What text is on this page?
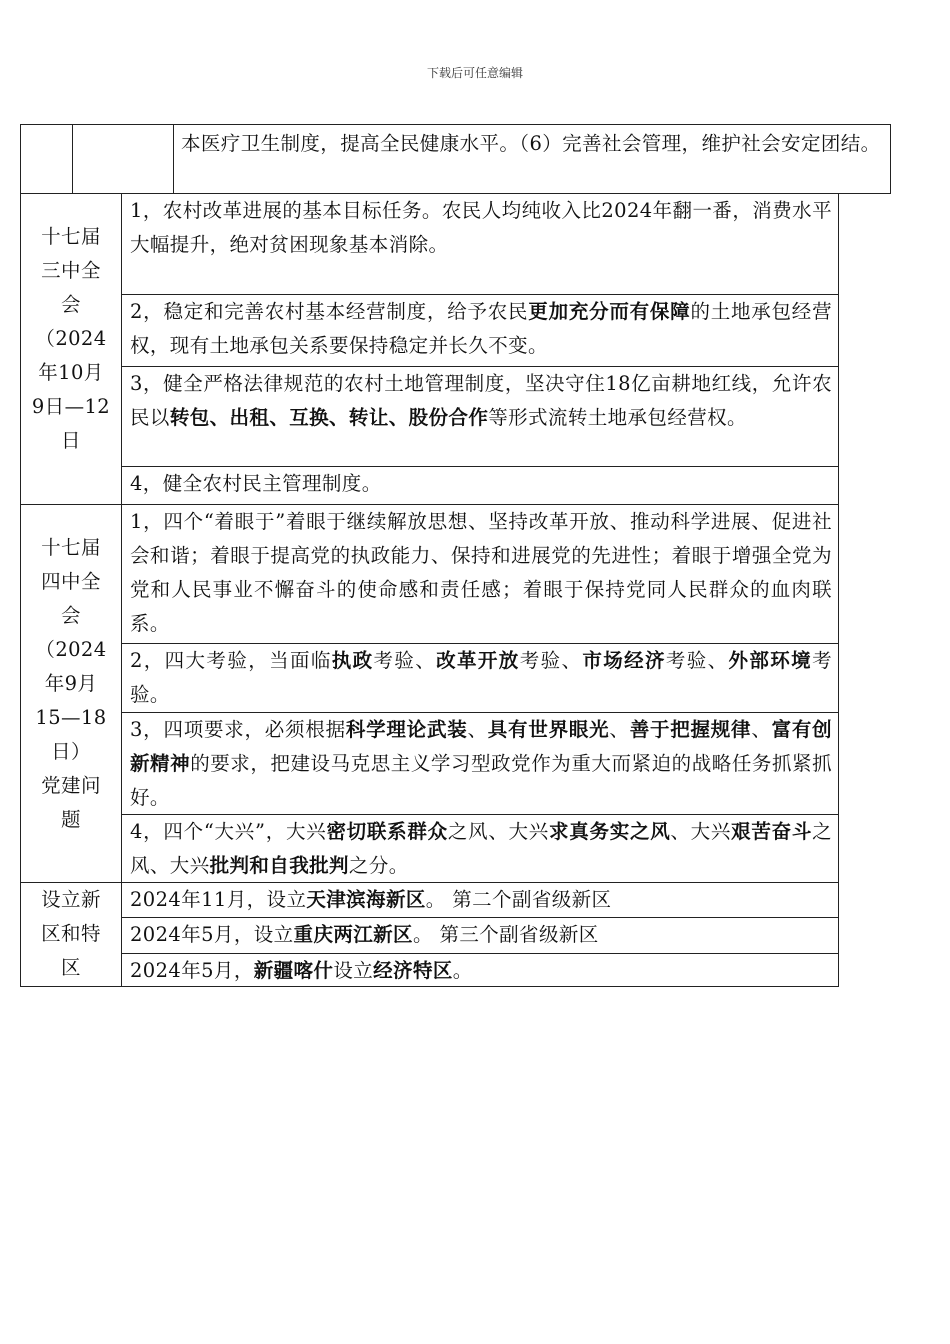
下载后可任意编辑
本医疗卫生制度，提高全民健康水平。（6）完善社会管理，维护社会安定团结。
十七届
三中全
会
（2024
年10月
9日—12
日
1，农村改革进展的基本目标任务。农民人均纯收入比2024年翻一番，消费水平大幅提升，绝对贫困现象基本消除。
2，稳定和完善农村基本经营制度，给予农民更加充分而有保障的土地承包经营权，现有土地承包关系要保持稳定并长久不变。
3，健全严格法律规范的农村土地管理制度，坚决守住18亿亩耕地红线，允许农民以转包、出租、互换、转让、股份合作等形式流转土地承包经营权。
4，健全农村民主管理制度。
十七届
四中全
会
（2024
年9月
15—18
日）
党建问
题
1，四个“着眼于”着眼于继续解放思想、坚持改革开放、推动科学进展、促进社会和谐；着眼于提高党的执政能力、保持和进展党的先进性；着眼于增强全党为党和人民事业不懈奋斗的使命感和责任感；着眼于保持党同人民群众的血肉联系。
2，四大考验，当面临执政考验、改革开放考验、市场经济考验、外部环境考验。
3，四项要求，必须根据科学理论武装、具有世界眼光、善于把握规律、富有创新精神的要求，把建设马克思主义学习型政党作为重大而紧迫的战略任务抓紧抓好。
4，四个“大兴”，大兴密切联系群众之风、大兴求真务实之风、大兴艰苦奋斗之风、大兴批判和自我批判之分。
设立新
区和特
区
2024年11月，设立天津滨海新区。 第二个副省级新区
2024年5月，设立重庆两江新区。 第三个副省级新区
2024年5月，新疆喀什设立经济特区。
